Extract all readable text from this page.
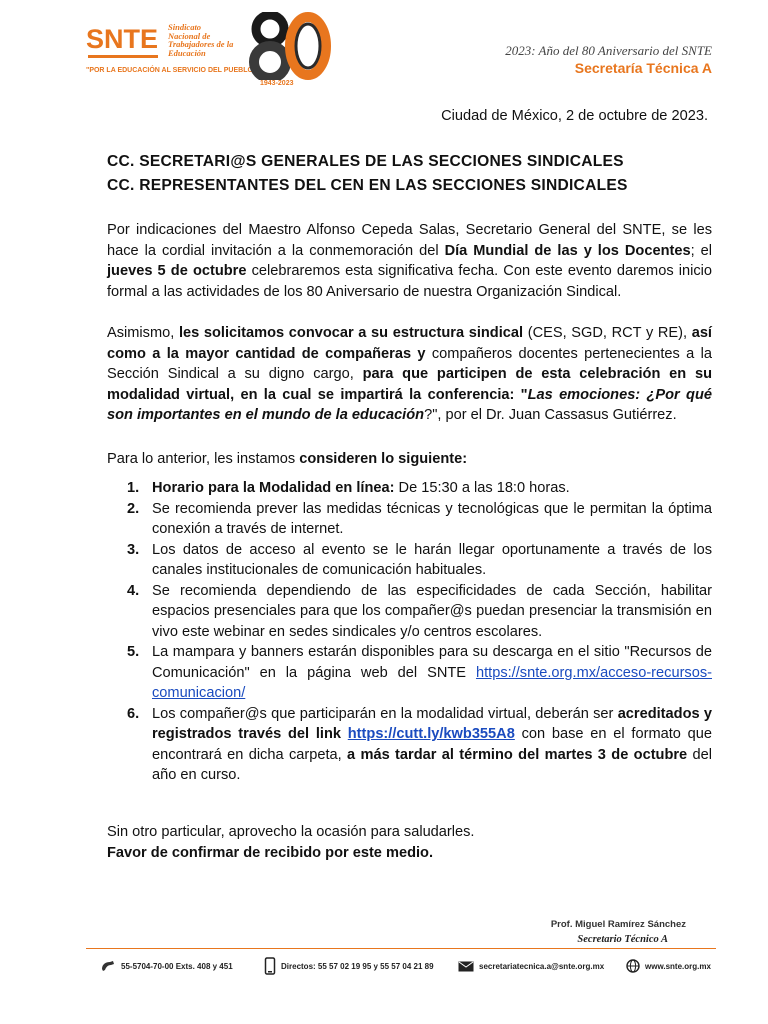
SNTE Sindicato
Nacional de
Trabajadores de la
Educación
"POR LA EDUCACIÓN AL SERVICIO DEL PUEBLO"
1943-2023
2023: Año del 80 Aniversario del SNTE
Secretaría Técnica A
Ciudad de México, 2 de octubre de 2023.
CC. SECRETARI@S GENERALES DE LAS SECCIONES SINDICALES
CC. REPRESENTANTES DEL CEN EN LAS SECCIONES SINDICALES

Por indicaciones del Maestro Alfonso Cepeda Salas, Secretario General del SNTE, se les hace la cordial invitación a la conmemoración del Día Mundial de las y los Docentes; el jueves 5 de octubre celebraremos esta significativa fecha. Con este evento daremos inicio formal a las actividades de los 80 Aniversario de nuestra Organización Sindical.

Asimismo, les solicitamos convocar a su estructura sindical (CES, SGD, RCT y RE), así como a la mayor cantidad de compañeras y compañeros docentes pertenecientes a la Sección Sindical a su digno cargo, para que participen de esta celebración en su modalidad virtual, en la cual se impartirá la conferencia: "Las emociones: ¿Por qué son importantes en el mundo de la educación?", por el Dr. Juan Cassasus Gutiérrez.

Para lo anterior, les instamos consideren lo siguiente:

1. Horario para la Modalidad en línea: De 15:30 a las 18:0 horas.
2. Se recomienda prever las medidas técnicas y tecnológicas que le permitan la óptima conexión a través de internet.
3. Los datos de acceso al evento se le harán llegar oportunamente a través de los canales institucionales de comunicación habituales.
4. Se recomienda dependiendo de las especificidades de cada Sección, habilitar espacios presenciales para que los compañer@s puedan presenciar la transmisión en vivo este webinar en sedes sindicales y/o centros escolares.
5. La mampara y banners estarán disponibles para su descarga en el sitio "Recursos de Comunicación" en la página web del SNTE https://snte.org.mx/acceso-recursos-comunicacion/
6. Los compañer@s que participarán en la modalidad virtual, deberán ser acreditados y registrados través del link https://cutt.ly/kwb355A8 con base en el formato que encontrará en dicha carpeta, a más tardar al término del martes 3 de octubre del año en curso.
Sin otro particular, aprovecho la ocasión para saludarles.
Favor de confirmar de recibido por este medio.
Prof. Miguel Ramírez Sánchez
Secretario Técnico A
55-5704-70-00 Exts. 408 y 451	Directos: 55 57 02 19 95 y 55 57 04 21 89	secretariatecnica.a@snte.org.mx	www.snte.org.mx
